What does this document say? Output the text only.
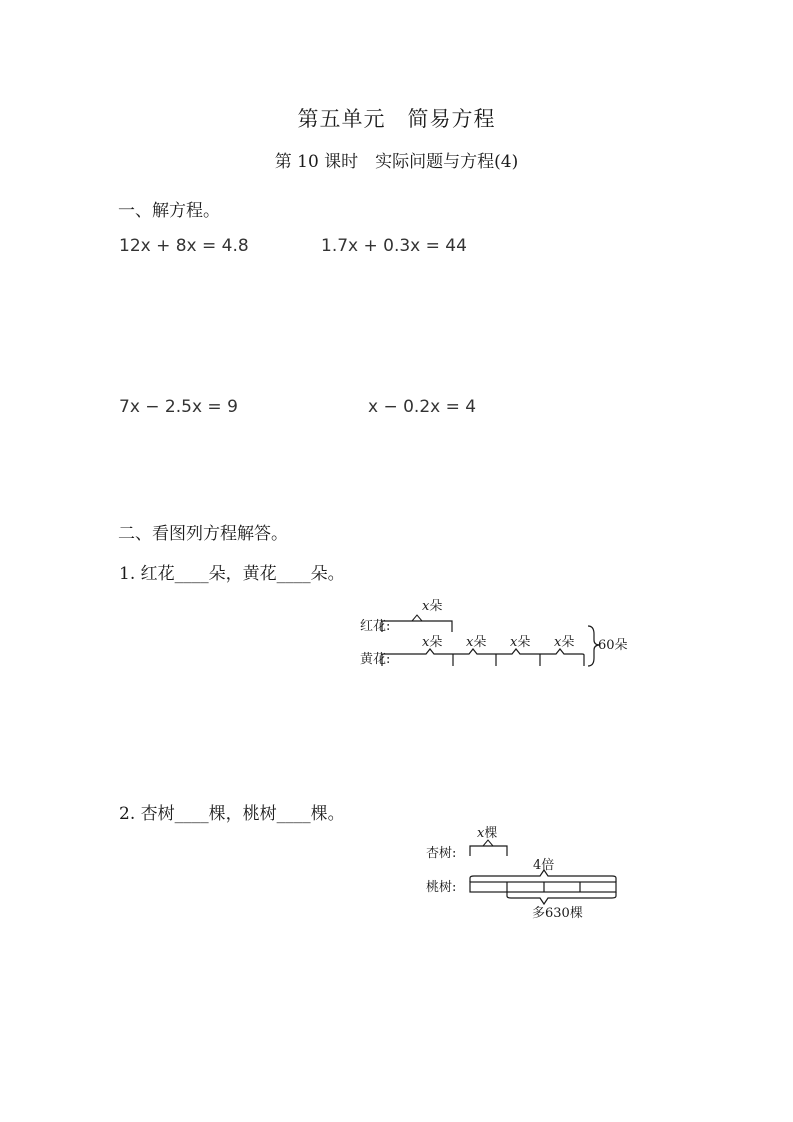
第五单元　简易方程
第 10 课时　实际问题与方程(4)
一、解方程。
12x + 8x = 4.8	1.7x + 0.3x = 44
7x − 2.5x = 9	x − 0.2x = 4
二、看图列方程解答。
1. 红花____朵，黄花____朵。
x朵
红花:
x朵 x朵 x朵 x朵
黄花:
60朵
2. 杏树____棵，桃树____棵。
x棵
杏树:
4倍
桃树:
多630棵
